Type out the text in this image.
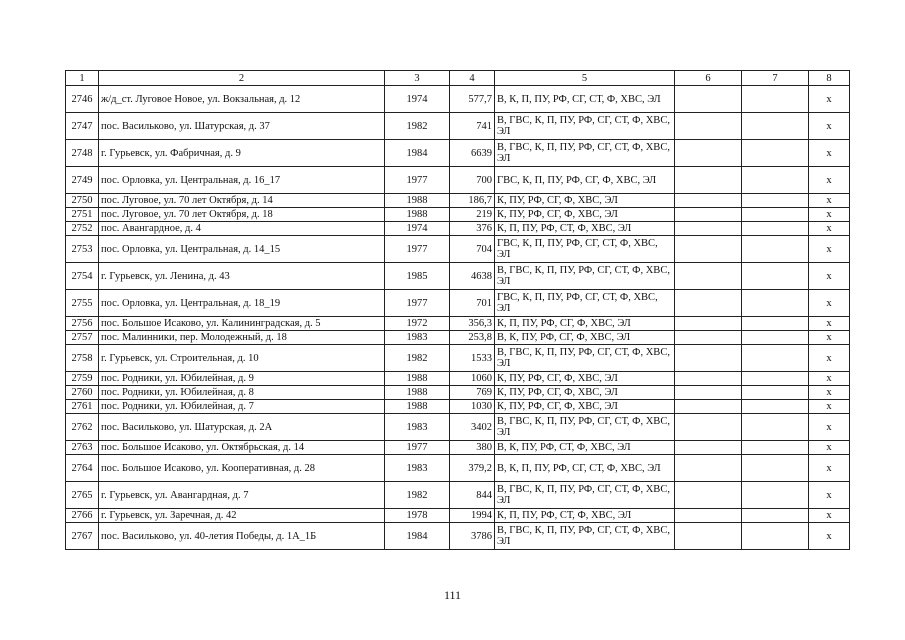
1	2	3	4	5	6	7	8
2746	ж/д_ст. Луговое Новое, ул. Вокзальная, д. 12	1974	577,7	В, К, П, ПУ, РФ, СГ, СТ, Ф, ХВС, ЭЛ			х
2747	пос. Васильково, ул. Шатурская, д. 37	1982	741	В, ГВС, К, П, ПУ, РФ, СГ, СТ, Ф, ХВС, ЭЛ			х
2748	г. Гурьевск, ул. Фабричная, д. 9	1984	6639	В, ГВС, К, П, ПУ, РФ, СГ, СТ, Ф, ХВС, ЭЛ			х
2749	пос. Орловка, ул. Центральная, д. 16_17	1977	700	ГВС, К, П, ПУ, РФ, СГ, Ф, ХВС, ЭЛ			х
2750	пос. Луговое, ул. 70 лет Октября, д. 14	1988	186,7	К, ПУ, РФ, СГ, Ф, ХВС, ЭЛ			х
2751	пос. Луговое, ул. 70 лет Октября, д. 18	1988	219	К, ПУ, РФ, СГ, Ф, ХВС, ЭЛ			х
2752	пос. Авангардное, д. 4	1974	376	К, П, ПУ, РФ, СТ, Ф, ХВС, ЭЛ			х
2753	пос. Орловка, ул. Центральная, д. 14_15	1977	704	ГВС, К, П, ПУ, РФ, СГ, СТ, Ф, ХВС, ЭЛ			х
2754	г. Гурьевск, ул. Ленина, д. 43	1985	4638	В, ГВС, К, П, ПУ, РФ, СГ, СТ, Ф, ХВС, ЭЛ			х
2755	пос. Орловка, ул. Центральная, д. 18_19	1977	701	ГВС, К, П, ПУ, РФ, СГ, СТ, Ф, ХВС, ЭЛ			х
2756	пос. Большое Исаково, ул. Калининградская, д. 5	1972	356,3	К, П, ПУ, РФ, СГ, Ф, ХВС, ЭЛ			х
2757	пос. Малинники, пер. Молодежный, д. 18	1983	253,8	В, К, ПУ, РФ, СГ, Ф, ХВС, ЭЛ			х
2758	г. Гурьевск, ул. Строительная, д. 10	1982	1533	В, ГВС, К, П, ПУ, РФ, СГ, СТ, Ф, ХВС, ЭЛ			х
2759	пос. Родники, ул. Юбилейная, д. 9	1988	1060	К, ПУ, РФ, СГ, Ф, ХВС, ЭЛ			х
2760	пос. Родники, ул. Юбилейная, д. 8	1988	769	К, ПУ, РФ, СГ, Ф, ХВС, ЭЛ			х
2761	пос. Родники, ул. Юбилейная, д. 7	1988	1030	К, ПУ, РФ, СГ, Ф, ХВС, ЭЛ			х
2762	пос. Васильково, ул. Шатурская, д. 2А	1983	3402	В, ГВС, К, П, ПУ, РФ, СГ, СТ, Ф, ХВС, ЭЛ			х
2763	пос. Большое Исаково, ул. Октябрьская, д. 14	1977	380	В, К, ПУ, РФ, СТ, Ф, ХВС, ЭЛ			х
2764	пос. Большое Исаково, ул. Кооперативная, д. 28	1983	379,2	В, К, П, ПУ, РФ, СГ, СТ, Ф, ХВС, ЭЛ			х
2765	г. Гурьевск, ул. Авангардная, д. 7	1982	844	В, ГВС, К, П, ПУ, РФ, СГ, СТ, Ф, ХВС, ЭЛ			х
2766	г. Гурьевск, ул. Заречная, д. 42	1978	1994	К, П, ПУ, РФ, СТ, Ф, ХВС, ЭЛ			х
2767	пос. Васильково, ул. 40-летия Победы, д. 1А_1Б	1984	3786	В, ГВС, К, П, ПУ, РФ, СГ, СТ, Ф, ХВС, ЭЛ			х
111
